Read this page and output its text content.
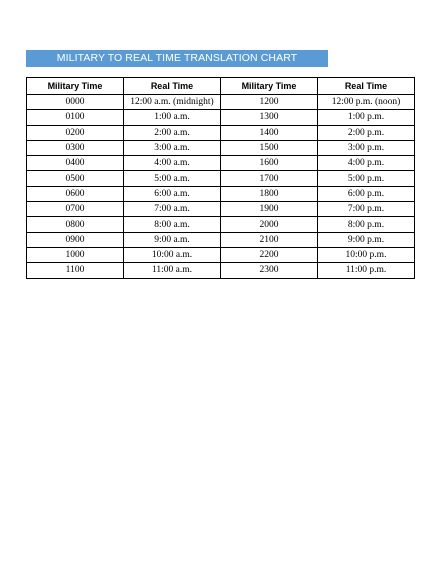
MILITARY TO REAL TIME TRANSLATION CHART
Military Time	Real Time	Military Time	Real Time
0000	12:00 a.m. (midnight)	1200	12:00 p.m. (noon)
0100	1:00 a.m.	1300	1:00 p.m.
0200	2:00 a.m.	1400	2:00 p.m.
0300	3:00 a.m.	1500	3:00 p.m.
0400	4:00 a.m.	1600	4:00 p.m.
0500	5:00 a.m.	1700	5:00 p.m.
0600	6:00 a.m.	1800	6:00 p.m.
0700	7:00 a.m.	1900	7:00 p.m.
0800	8:00 a.m.	2000	8:00 p.m.
0900	9:00 a.m.	2100	9:00 p.m.
1000	10:00 a.m.	2200	10:00 p.m.
1100	11:00 a.m.	2300	11:00 p.m.
